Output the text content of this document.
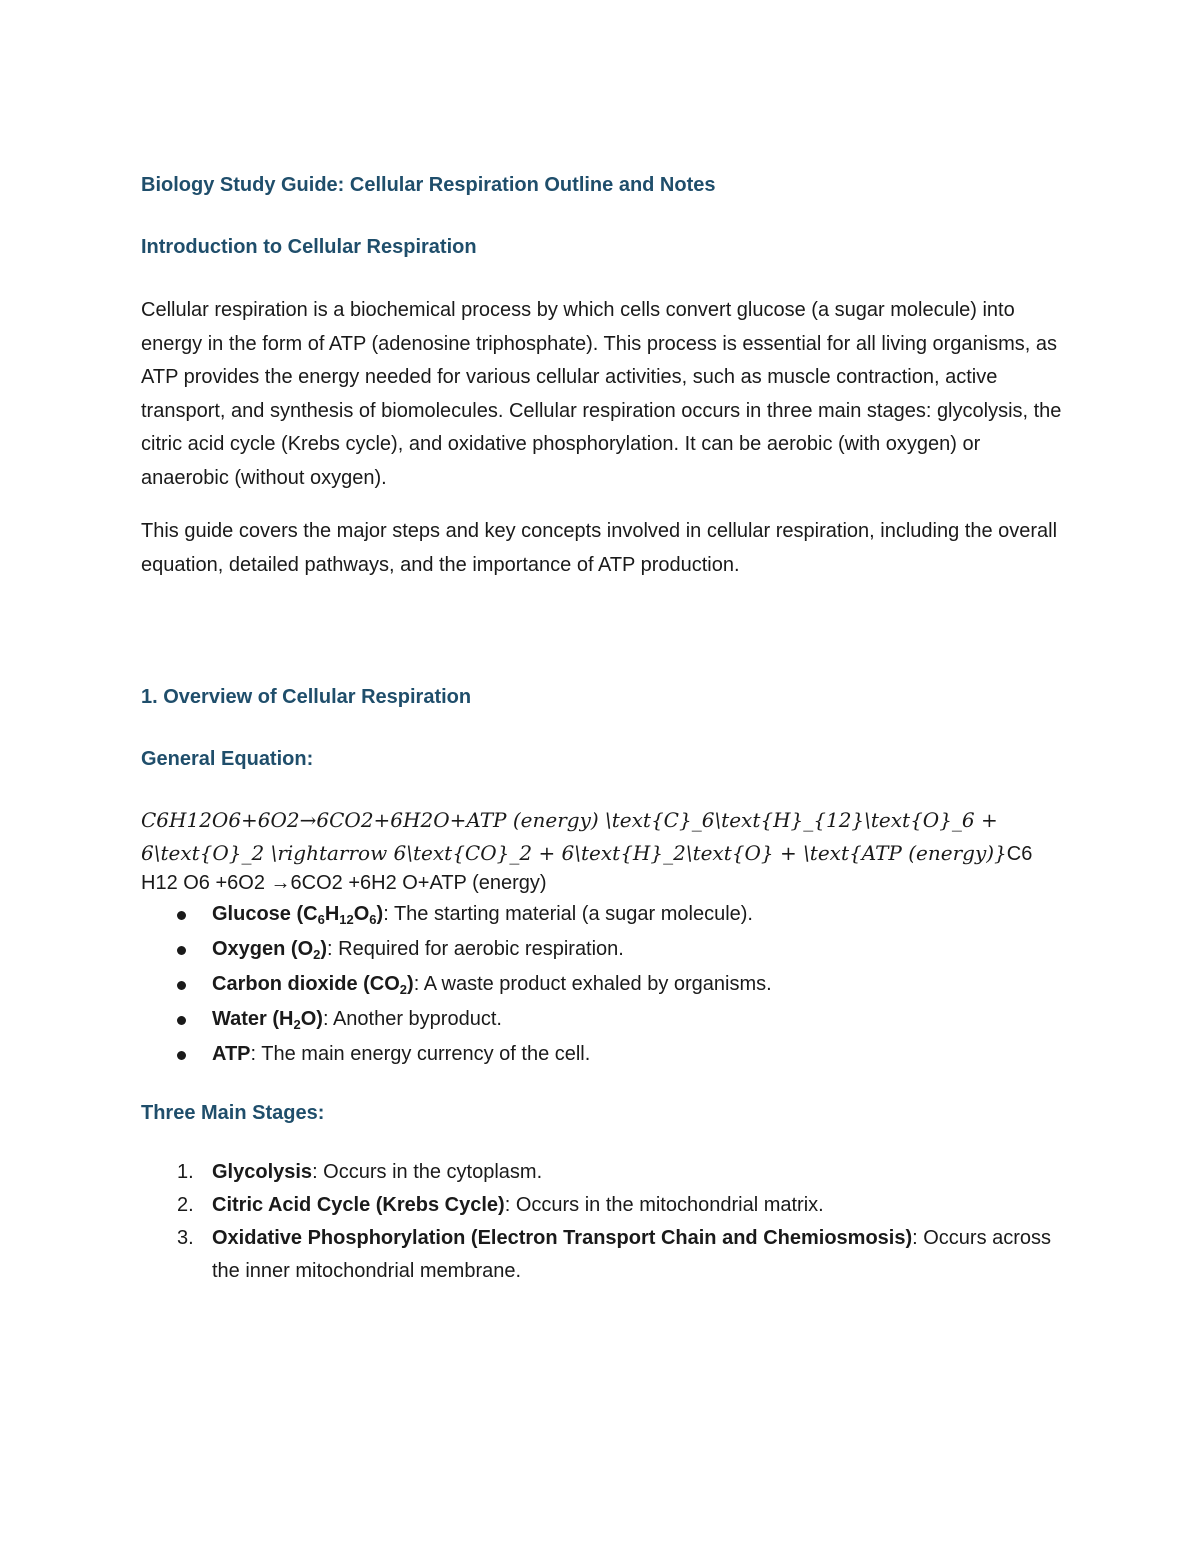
Biology Study Guide: Cellular Respiration Outline and Notes
Introduction to Cellular Respiration

Cellular respiration is a biochemical process by which cells convert glucose (a sugar molecule) into energy in the form of ATP (adenosine triphosphate). This process is essential for all living organisms, as ATP provides the energy needed for various cellular activities, such as muscle contraction, active transport, and synthesis of biomolecules. Cellular respiration occurs in three main stages: glycolysis, the citric acid cycle (Krebs cycle), and oxidative phosphorylation. It can be aerobic (with oxygen) or anaerobic (without oxygen).

This guide covers the major steps and key concepts involved in cellular respiration, including the overall equation, detailed pathways, and the importance of ATP production.

1. Overview of Cellular Respiration
General Equation:

C6H12O6+6O2→6CO2+6H2O+ATP (energy) \text{C}_6\text{H}_{12}\text{O}_6 +

6\text{O}_2 \rightarrow 6\text{CO}_2 + 6\text{H}_2\text{O} + \text{ATP (energy)}C6

H12 O6 +6O2 →6CO2 +6H2 O+ATP (energy)

Glucose $(C_6H_{12}O_6)$: The starting material (a sugar molecule).
Oxygen $(O_2)$: Required for aerobic respiration.
Carbon dioxide $(CO_2)$: A waste product exhaled by organisms.
Water $(H_2O)$: Another byproduct.
ATP: The main energy currency of the cell.
Three Main Stages:
1. Glycolysis: Occurs in the cytoplasm.
2. Citric Acid Cycle (Krebs Cycle): Occurs in the mitochondrial matrix.
3. Oxidative Phosphorylation (Electron Transport Chain and Chemiosmosis): Occurs across the inner mitochondrial membrane.
